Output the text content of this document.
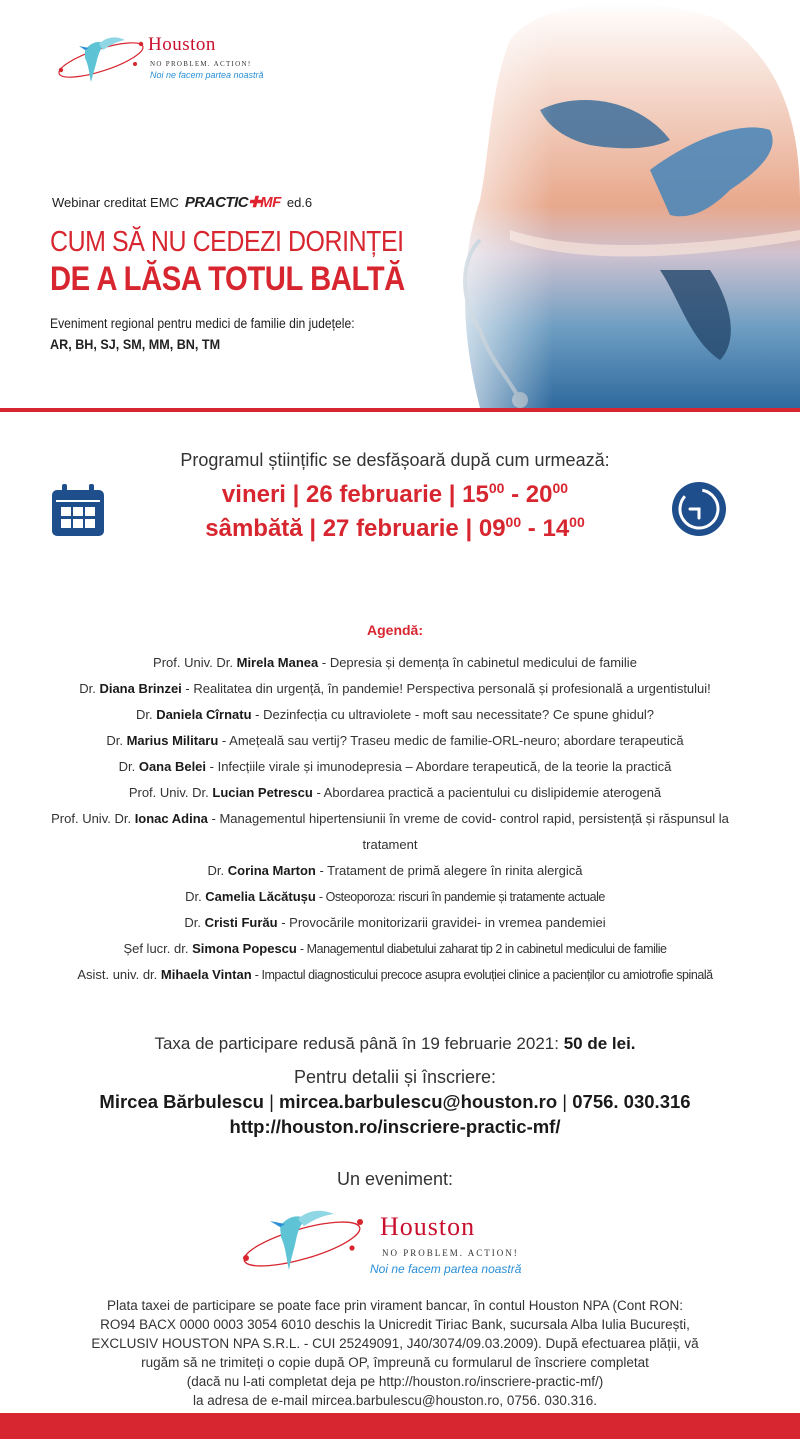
Houston
NO PROBLEM. ACTION!
Noi ne facem partea noastră
Webinar creditat EMC PRACTIC✚MF ed.6
CUM SĂ NU CEDEZI DORINȚEI
DE A LĂSA TOTUL BALTĂ
Eveniment regional pentru medici de familie din județele:
AR, BH, SJ, SM, MM, BN, TM
Programul științific se desfășoară după cum urmează:
vineri | 26 februarie | $15^{00} - 20^{00}$
sâmbătă | 27 februarie | $09^{00} - 14^{00}$
Agendă:
Prof. Univ. Dr. Mirela Manea - Depresia și demența în cabinetul medicului de familie
Dr. Diana Brinzei - Realitatea din urgență, în pandemie! Perspectiva personală și profesională a urgentistului!
Dr. Daniela Cîrnatu - Dezinfecția cu ultraviolete - moft sau necessitate? Ce spune ghidul?
Dr. Marius Militaru - Amețeală sau vertij? Traseu medic de familie-ORL-neuro; abordare terapeutică
Dr. Oana Belei - Infecțiile virale și imunodepresia – Abordare terapeutică, de la teorie la practică
Prof. Univ. Dr. Lucian Petrescu - Abordarea practică a pacientului cu dislipidemie aterogenă
Prof. Univ. Dr. Ionac Adina - Managementul hipertensiunii în vreme de covid- control rapid, persistență și răspunsul la tratament
Dr. Corina Marton - Tratament de primă alegere în rinita alergică
Dr. Camelia Lăcătușu - Osteoporoza: riscuri în pandemie și tratamente actuale
Dr. Cristi Furău - Provocările monitorizarii gravidei- in vremea pandemiei
Șef lucr. dr. Simona Popescu - Managementul diabetului zaharat tip 2 in cabinetul medicului de familie
Asist. univ. dr. Mihaela Vintan - Impactul diagnosticului precoce asupra evoluției clinice a pacienților cu amiotrofie spinală
Taxa de participare redusă până în 19 februarie 2021: 50 de lei.
Pentru detalii și înscriere:
Mircea Bărbulescu | mircea.barbulescu@houston.ro | 0756. 030.316
http://houston.ro/inscriere-practic-mf/
Un eveniment:
Houston
NO PROBLEM. ACTION!
Noi ne facem partea noastră
Plata taxei de participare se poate face prin virament bancar, în contul Houston NPA (Cont RON:
RO94 BACX 0000 0003 3054 6010 deschis la Unicredit Tiriac Bank, sucursala Alba Iulia București,
EXCLUSIV HOUSTON NPA S.R.L. - CUI 25249091, J40/3074/09.03.2009). După efectuarea plății, vă
rugăm să ne trimiteți o copie după OP, împreună cu formularul de înscriere completat
(dacă nu l-ati completat deja pe http://houston.ro/inscriere-practic-mf/)
la adresa de e-mail mircea.barbulescu@houston.ro, 0756. 030.316.
